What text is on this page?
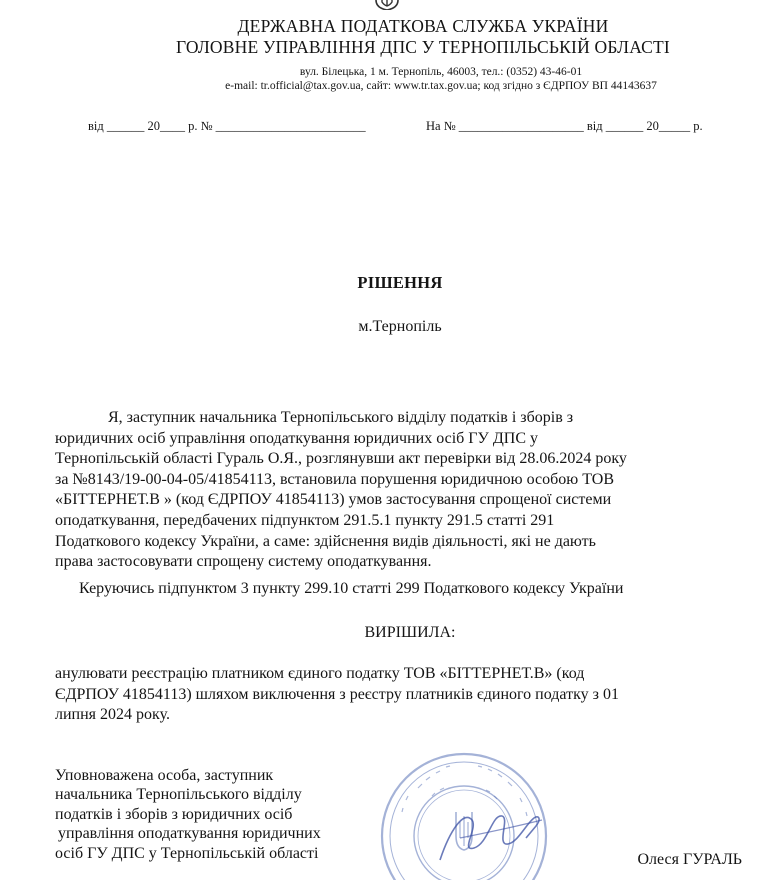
ДЕРЖАВНА ПОДАТКОВА СЛУЖБА УКРАЇНИ
ГОЛОВНЕ УПРАВЛІННЯ ДПС У ТЕРНОПІЛЬСЬКІЙ ОБЛАСТІ
вул. Білецька, 1 м. Тернопіль, 46003, тел.: (0352) 43-46-01
e-mail: tr.official@tax.gov.ua, сайт: www.tr.tax.gov.ua; код згідно з ЄДРПОУ ВП 44143637
від ______ 20____ р. № ________________________	На № ____________________ від ______ 20_____ р.
РІШЕННЯ
м.Тернопіль
Я, заступник начальника Тернопільського відділу податків і зборів з
юридичних осіб управління оподаткування юридичних осіб ГУ ДПС у
Тернопільській області Гураль О.Я., розглянувши акт перевірки від 28.06.2024 року
за №8143/19-00-04-05/41854113, встановила порушення юридичною особою ТОВ
«БІТТЕРНЕТ.В » (код ЄДРПОУ 41854113) умов застосування спрощеної системи
оподаткування, передбачених підпунктом 291.5.1 пункту 291.5 статті 291
Податкового кодексу України, а саме: здійснення видів діяльності, які не дають
права застосовувати спрощену систему оподаткування.
Керуючись підпунктом 3 пункту 299.10 статті 299 Податкового кодексу України
ВИРІШИЛА:
анулювати реєстрацію платником єдиного податку ТОВ «БІТТЕРНЕТ.В» (код
ЄДРПОУ 41854113) шляхом виключення з реєстру платників єдиного податку з 01
липня 2024 року.
Уповноважена особа, заступник
начальника Тернопільського відділу
податків і зборів з юридичних осіб
управління оподаткування юридичних
осіб ГУ ДПС у Тернопільській області	Олеся ГУРАЛЬ
